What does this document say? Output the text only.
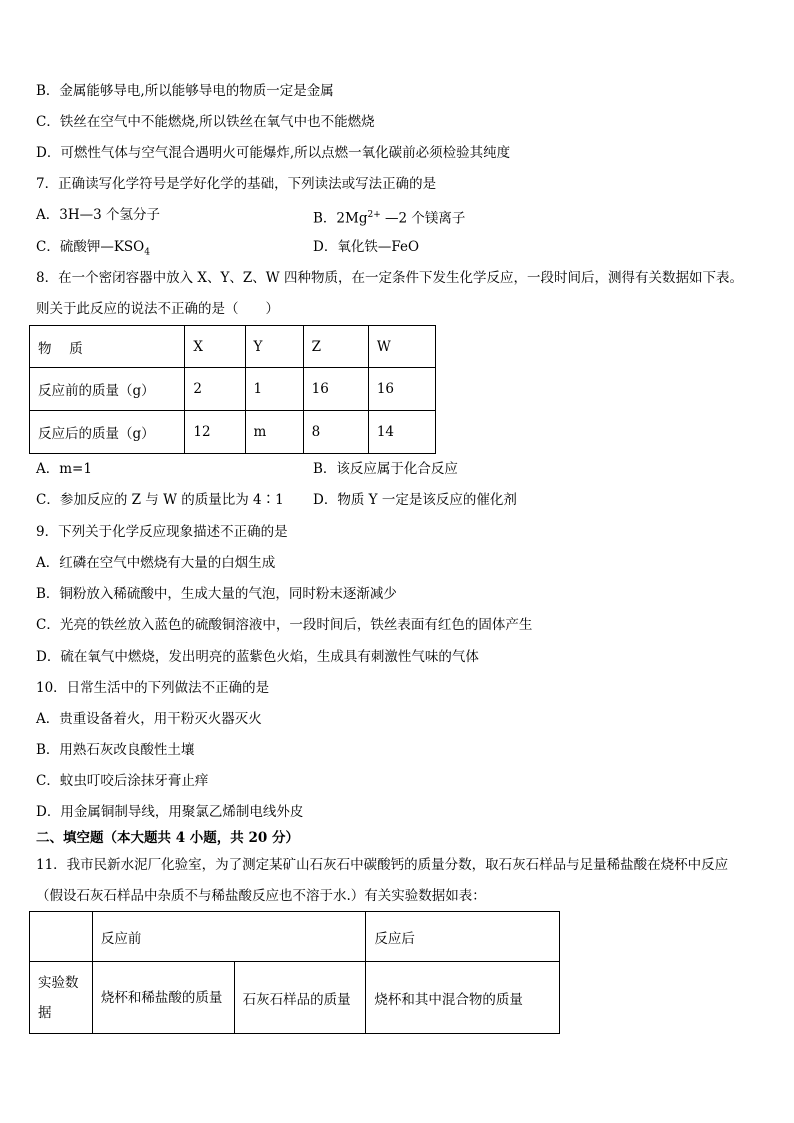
B．金属能够导电,所以能够导电的物质一定是金属
C．铁丝在空气中不能燃烧,所以铁丝在氧气中也不能燃烧
D．可燃性气体与空气混合遇明火可能爆炸,所以点燃一氧化碳前必须检验其纯度
7．正确读写化学符号是学好化学的基础，下列读法或写法正确的是
A．3H—3 个氢分子	B．$2Mg^{2+}$ —2 个镁离子
C．硫酸钾$—KSO_4$	D．氧化铁—FeO
8．在一个密闭容器中放入 X、Y、Z、W 四种物质，在一定条件下发生化学反应，一段时间后，测得有关数据如下表。
则关于此反应的说法不正确的是（　　）
物　 质	X	Y	Z	W
反应前的质量（g）	2	1	16	16
反应后的质量（g）	12	m	8	14
A．m=1	B．该反应属于化合反应
C．参加反应的 Z 与 W 的质量比为 4∶1 D．物质 Y 一定是该反应的催化剂
9．下列关于化学反应现象描述不正确的是
A．红磷在空气中燃烧有大量的白烟生成
B．铜粉放入稀硫酸中，生成大量的气泡，同时粉末逐渐减少
C．光亮的铁丝放入蓝色的硫酸铜溶液中，一段时间后，铁丝表面有红色的固体产生
D．硫在氧气中燃烧，发出明亮的蓝紫色火焰，生成具有刺激性气味的气体
10．日常生活中的下列做法不正确的是
A．贵重设备着火，用干粉灭火器灭火
B．用熟石灰改良酸性土壤
C．蚊虫叮咬后涂抹牙膏止痒
D．用金属铜制导线，用聚氯乙烯制电线外皮
二、填空题（本大题共 4 小题，共 20 分）
11．我市民新水泥厂化验室，为了测定某矿山石灰石中碳酸钙的质量分数，取石灰石样品与足量稀盐酸在烧杯中反应
（假设石灰石样品中杂质不与稀盐酸反应也不溶于水.）有关实验数据如表：
	反应前		反应后
实验数据	烧杯和稀盐酸的质量	石灰石样品的质量	烧杯和其中混合物的质量
